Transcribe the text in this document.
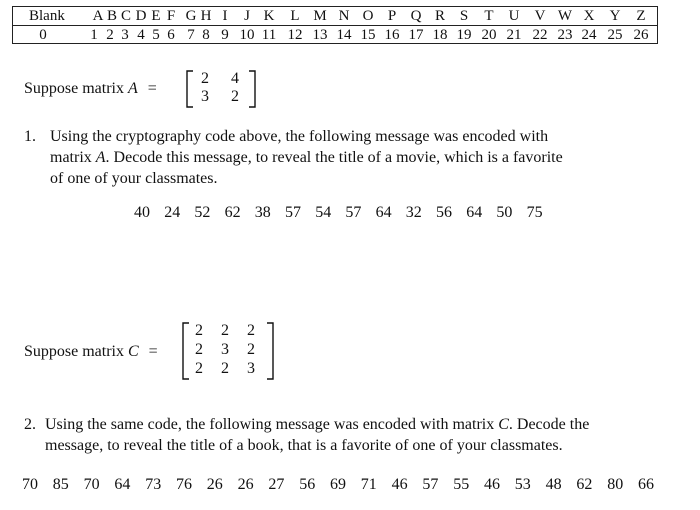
Blank	A B C D E F G H I	J K	L M N O P Q R S	T	U	V W X	Y	Z
0	1 2 3 4 5 6 7 8 9 10 11 12 13 14 15 16 17 18 19 20 21 22 23 24 25 26
Suppose matrix A =
2 4
3 2
1. Using the cryptography code above, the following message was encoded with
matrix A. Decode this message, to reveal the title of a movie, which is a favorite
of one of your classmates.
40 24 52 62 38 57 54 57 64 32 56 64 50 75
Suppose matrix C =
2 2 2
2 3 2
2 2 3
2. Using the same code, the following message was encoded with matrix C. Decode the
message, to reveal the title of a book, that is a favorite of one of your classmates.
70 85 70 64 73 76 26 26 27 56 69 71 46 57 55 46 53 48 62 80 66
